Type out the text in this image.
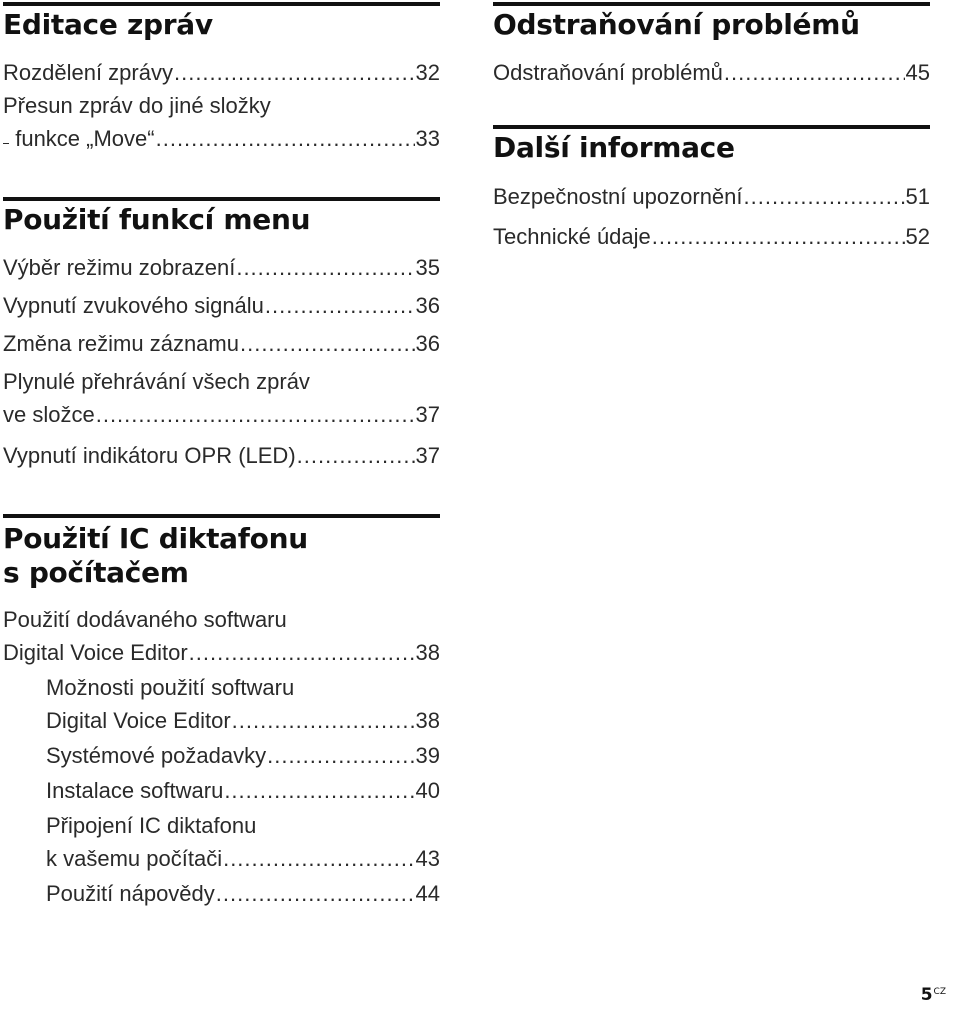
Editace zpráv
Rozdělení zprávy .....	32
Přesun zpráv do jiné složky
funkce „Move“ .....	33
Použití funkcí menu
Výběr režimu zobrazení .....	35
Vypnutí zvukového signálu .....	36
Změna režimu záznamu .....	36
Plynulé přehrávání všech zpráv
ve složce .....	37
Vypnutí indikátoru OPR (LED) .....	37
Použití IC diktafonu
s počítačem
Použití dodávaného softwaru
Digital Voice Editor .....	38
Možnosti použití softwaru
Digital Voice Editor .....	38
Systémové požadavky .....	39
Instalace softwaru .....	40
Připojení IC diktafonu
k vašemu počítači .....	43
Použití nápovědy .....	44
Odstraňování problémů
Odstraňování problémů .....	45
Další informace
Bezpečnostní upozornění .....	51
Technické údaje .....	52
$5^{CZ}$
